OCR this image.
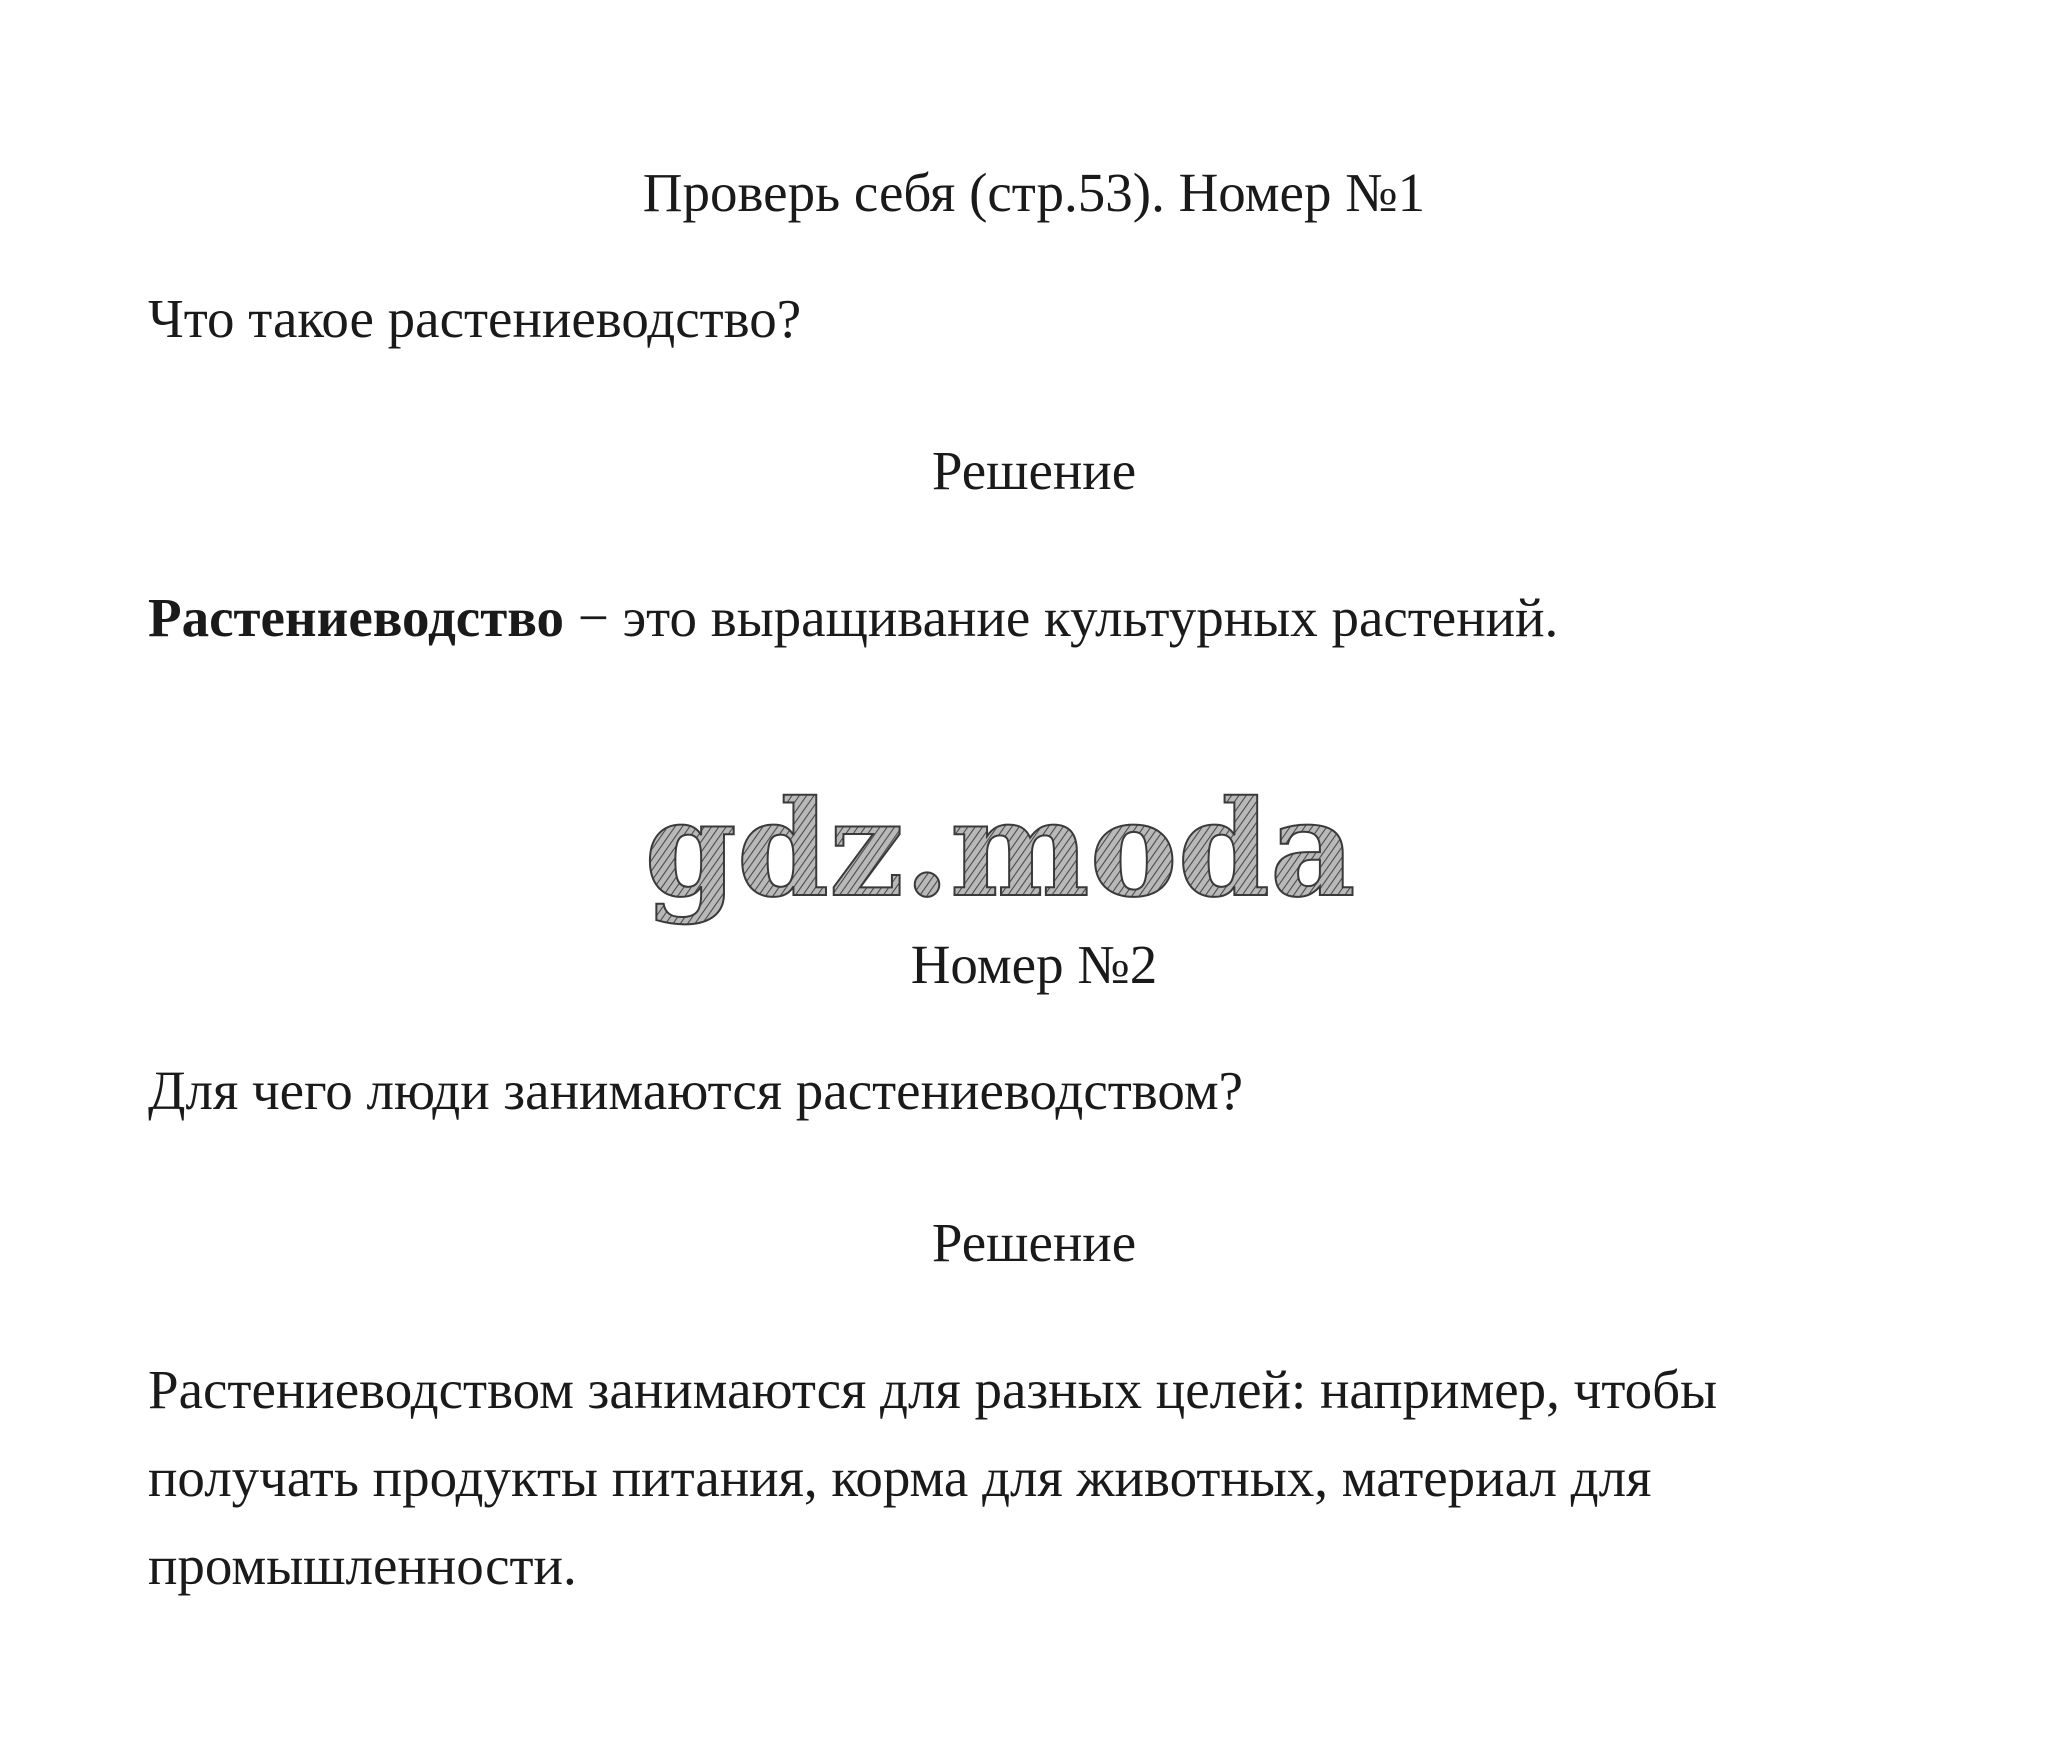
Проверь себя (стр.53). Номер №1

Что такое растениеводство?

Решение

Растениеводство − это выращивание культурных растений.

gdz.moda

Номер №2

Для чего люди занимаются растениеводством?

Решение

Растениеводством занимаются для разных целей: например, чтобы
получать продукты питания, корма для животных, материал для
промышленности.
